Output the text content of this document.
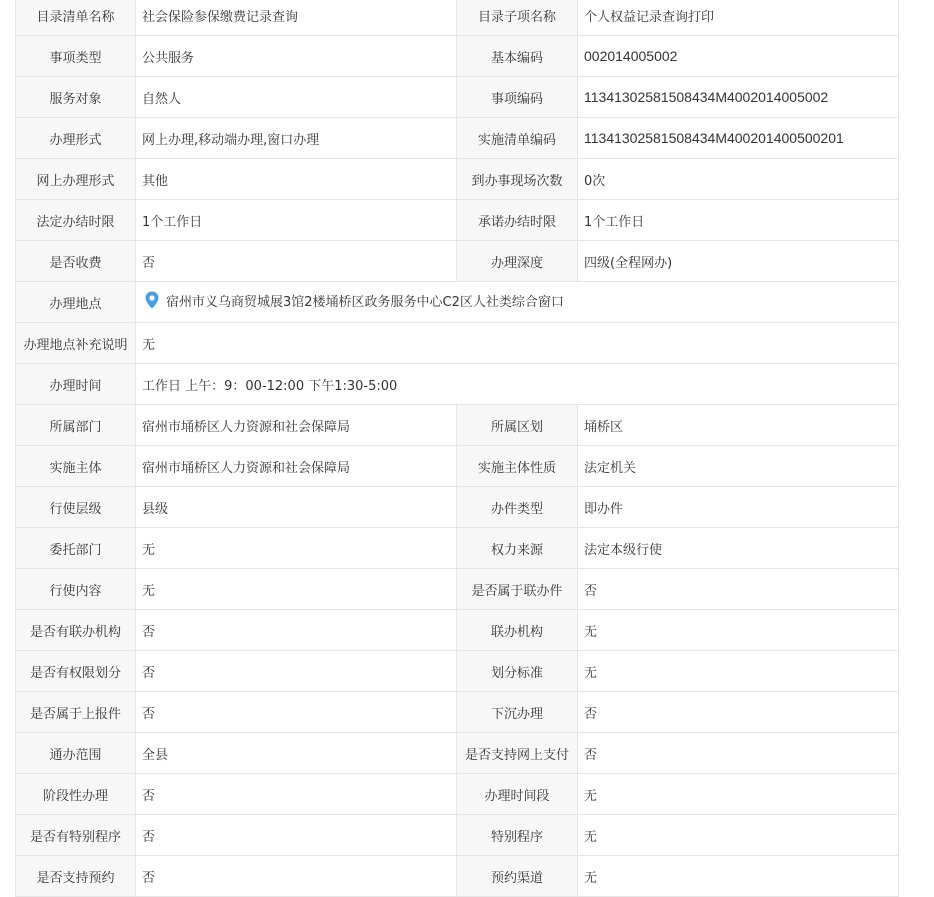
目录清单名称	社会保险参保缴费记录查询	目录子项名称	个人权益记录查询打印
事项类型	公共服务	基本编码	002014005002
服务对象	自然人	事项编码	11341302581508434M4002014005002
办理形式	网上办理,移动端办理,窗口办理	实施清单编码	11341302581508434M400201400500201
网上办理形式	其他	到办事现场次数	0次
法定办结时限	1个工作日	承诺办结时限	1个工作日
是否收费	否	办理深度	四级(全程网办)
办理地点	宿州市义乌商贸城展3馆2楼埇桥区政务服务中心C2区人社类综合窗口		

办理地点补充说明	无		
办理时间	工作日 上午：9：00-12:00 下午1:30-5:00		
所属部门	宿州市埇桥区人力资源和社会保障局	所属区划	埇桥区
实施主体	宿州市埇桥区人力资源和社会保障局	实施主体性质	法定机关
行使层级	县级	办件类型	即办件
委托部门	无	权力来源	法定本级行使
行使内容	无	是否属于联办件	否
是否有联办机构	否	联办机构	无
是否有权限划分	否	划分标准	无
是否属于上报件	否	下沉办理	否
通办范围	全县	是否支持网上支付	否
阶段性办理	否	办理时间段	无
是否有特别程序	否	特别程序	无
是否支持预约	否	预约渠道	无
